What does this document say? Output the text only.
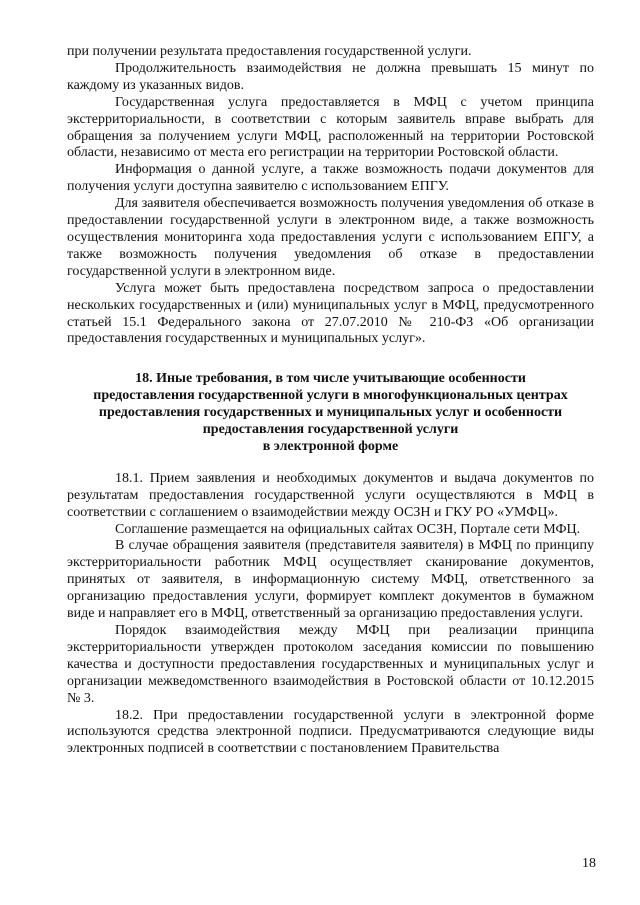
при получении результата предоставления государственной услуги.

Продолжительность взаимодействия не должна превышать 15 минут по каждому из указанных видов.

Государственная услуга предоставляется в МФЦ с учетом принципа экстерриториальности, в соответствии с которым заявитель вправе выбрать для обращения за получением услуги МФЦ, расположенный на территории Ростовской области, независимо от места его регистрации на территории Ростовской области.

Информация о данной услуге, а также возможность подачи документов для получения услуги доступна заявителю с использованием ЕПГУ.

Для заявителя обеспечивается возможность получения уведомления об отказе в предоставлении государственной услуги в электронном виде, а также возможность осуществления мониторинга хода предоставления услуги с использованием ЕПГУ, а также возможность получения уведомления об отказе в предоставлении государственной услуги в электронном виде.

Услуга может быть предоставлена посредством запроса о предоставлении нескольких государственных и (или) муниципальных услуг в МФЦ, предусмотренного статьей 15.1 Федерального закона от 27.07.2010 № 210-ФЗ «Об организации предоставления государственных и муниципальных услуг».

18. Иные требования, в том числе учитывающие особенности
предоставления государственной услуги в многофункциональных центрах
предоставления государственных и муниципальных услуг и особенности
предоставления государственной услуги
в электронной форме

18.1. Прием заявления и необходимых документов и выдача документов по результатам предоставления государственной услуги осуществляются в МФЦ в соответствии с соглашением о взаимодействии между ОСЗН и ГКУ РО «УМФЦ».

Соглашение размещается на официальных сайтах ОСЗН, Портале сети МФЦ.

В случае обращения заявителя (представителя заявителя) в МФЦ по принципу экстерриториальности работник МФЦ осуществляет сканирование документов, принятых от заявителя, в информационную систему МФЦ, ответственного за организацию предоставления услуги, формирует комплект документов в бумажном виде и направляет его в МФЦ, ответственный за организацию предоставления услуги.

Порядок взаимодействия между МФЦ при реализации принципа экстерриториальности утвержден протоколом заседания комиссии по повышению качества и доступности предоставления государственных и муниципальных услуг и организации межведомственного взаимодействия в Ростовской области от 10.12.2015 № 3.

18.2. При предоставлении государственной услуги в электронной форме используются средства электронной подписи. Предусматриваются следующие виды электронных подписей в соответствии с постановлением Правительства

18
